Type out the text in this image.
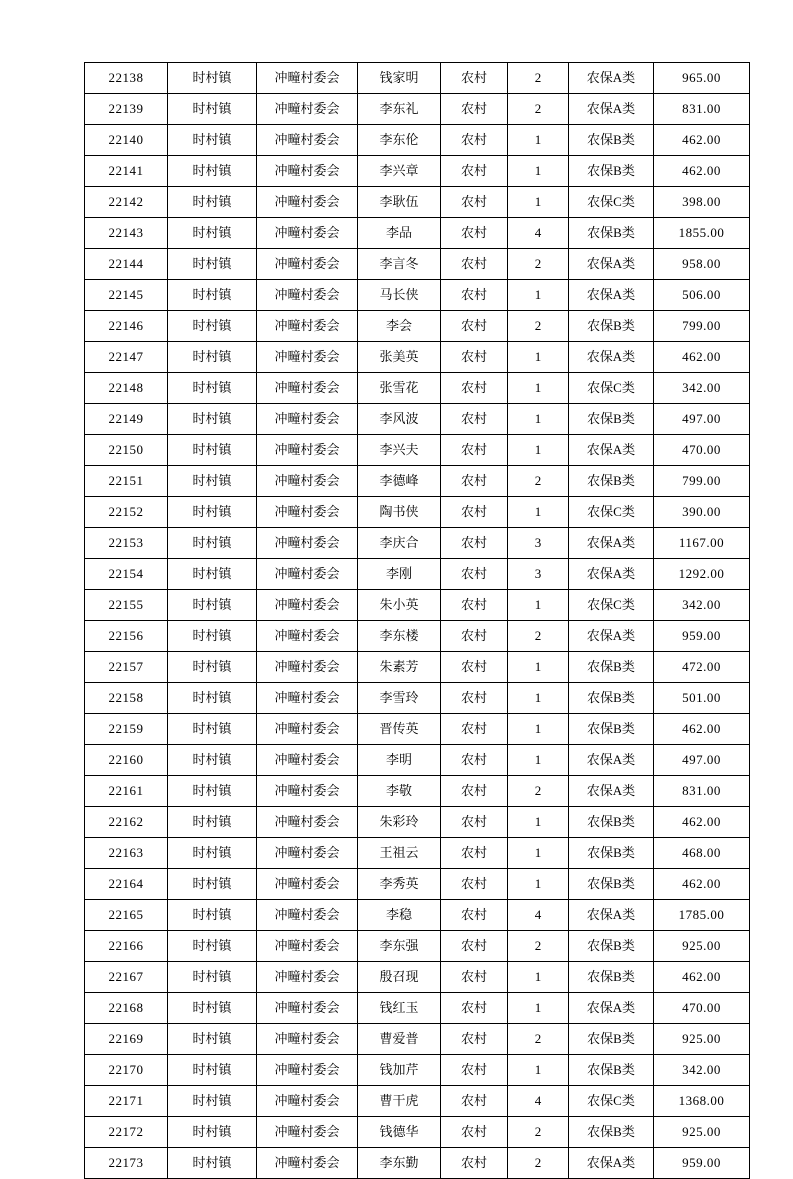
22138	时村镇	冲疃村委会	钱家明	农村	2	农保A类	965.00
22139	时村镇	冲疃村委会	李东礼	农村	2	农保A类	831.00
22140	时村镇	冲疃村委会	李东伦	农村	1	农保B类	462.00
22141	时村镇	冲疃村委会	李兴章	农村	1	农保B类	462.00
22142	时村镇	冲疃村委会	李耿伍	农村	1	农保C类	398.00
22143	时村镇	冲疃村委会	李品	农村	4	农保B类	1855.00
22144	时村镇	冲疃村委会	李言冬	农村	2	农保A类	958.00
22145	时村镇	冲疃村委会	马长侠	农村	1	农保A类	506.00
22146	时村镇	冲疃村委会	李会	农村	2	农保B类	799.00
22147	时村镇	冲疃村委会	张美英	农村	1	农保A类	462.00
22148	时村镇	冲疃村委会	张雪花	农村	1	农保C类	342.00
22149	时村镇	冲疃村委会	李风波	农村	1	农保B类	497.00
22150	时村镇	冲疃村委会	李兴夫	农村	1	农保A类	470.00
22151	时村镇	冲疃村委会	李德峰	农村	2	农保B类	799.00
22152	时村镇	冲疃村委会	陶书侠	农村	1	农保C类	390.00
22153	时村镇	冲疃村委会	李庆合	农村	3	农保A类	1167.00
22154	时村镇	冲疃村委会	李刚	农村	3	农保A类	1292.00
22155	时村镇	冲疃村委会	朱小英	农村	1	农保C类	342.00
22156	时村镇	冲疃村委会	李东楼	农村	2	农保A类	959.00
22157	时村镇	冲疃村委会	朱素芳	农村	1	农保B类	472.00
22158	时村镇	冲疃村委会	李雪玲	农村	1	农保B类	501.00
22159	时村镇	冲疃村委会	晋传英	农村	1	农保B类	462.00
22160	时村镇	冲疃村委会	李明	农村	1	农保A类	497.00
22161	时村镇	冲疃村委会	李敬	农村	2	农保A类	831.00
22162	时村镇	冲疃村委会	朱彩玲	农村	1	农保B类	462.00
22163	时村镇	冲疃村委会	王祖云	农村	1	农保B类	468.00
22164	时村镇	冲疃村委会	李秀英	农村	1	农保B类	462.00
22165	时村镇	冲疃村委会	李稳	农村	4	农保A类	1785.00
22166	时村镇	冲疃村委会	李东强	农村	2	农保B类	925.00
22167	时村镇	冲疃村委会	殷召现	农村	1	农保B类	462.00
22168	时村镇	冲疃村委会	钱红玉	农村	1	农保A类	470.00
22169	时村镇	冲疃村委会	曹爱普	农村	2	农保B类	925.00
22170	时村镇	冲疃村委会	钱加芹	农村	1	农保B类	342.00
22171	时村镇	冲疃村委会	曹干虎	农村	4	农保C类	1368.00
22172	时村镇	冲疃村委会	钱德华	农村	2	农保B类	925.00
22173	时村镇	冲疃村委会	李东勤	农村	2	农保A类	959.00
